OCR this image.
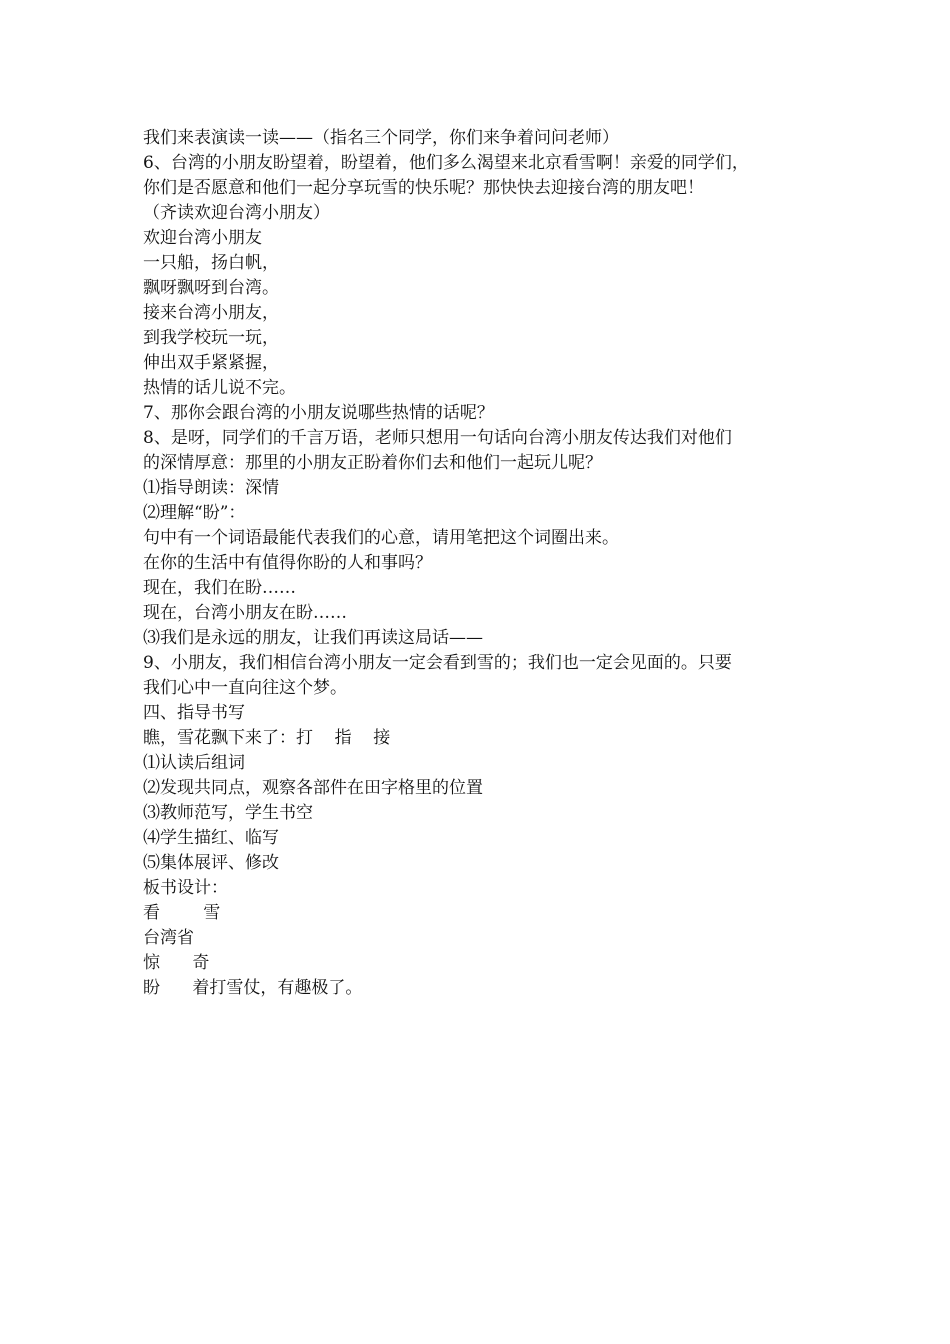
我们来表演读一读——（指名三个同学，你们来争着问问老师）
6、台湾的小朋友盼望着，盼望着，他们多么渴望来北京看雪啊！亲爱的同学们，
你们是否愿意和他们一起分享玩雪的快乐呢？那快快去迎接台湾的朋友吧！
（齐读欢迎台湾小朋友）
欢迎台湾小朋友
一只船，扬白帆，
飘呀飘呀到台湾。
接来台湾小朋友，
到我学校玩一玩，
伸出双手紧紧握，
热情的话儿说不完。
7、那你会跟台湾的小朋友说哪些热情的话呢？
8、是呀，同学们的千言万语，老师只想用一句话向台湾小朋友传达我们对他们
的深情厚意：那里的小朋友正盼着你们去和他们一起玩儿呢？
⑴指导朗读：深情
⑵理解“盼”：
句中有一个词语最能代表我们的心意，请用笔把这个词圈出来。
在你的生活中有值得你盼的人和事吗？
现在，我们在盼……
现在，台湾小朋友在盼……
⑶我们是永远的朋友，让我们再读这局话——
9、小朋友，我们相信台湾小朋友一定会看到雪的；我们也一定会见面的。只要
我们心中一直向往这个梦。
四、指导书写
瞧，雪花飘下来了：打    指    接
⑴认读后组词
⑵发现共同点，观察各部件在田字格里的位置
⑶教师范写，学生书空
⑷学生描红、临写
⑸集体展评、修改
板书设计：
看        雪
台湾省
惊      奇
盼      着打雪仗，有趣极了。
